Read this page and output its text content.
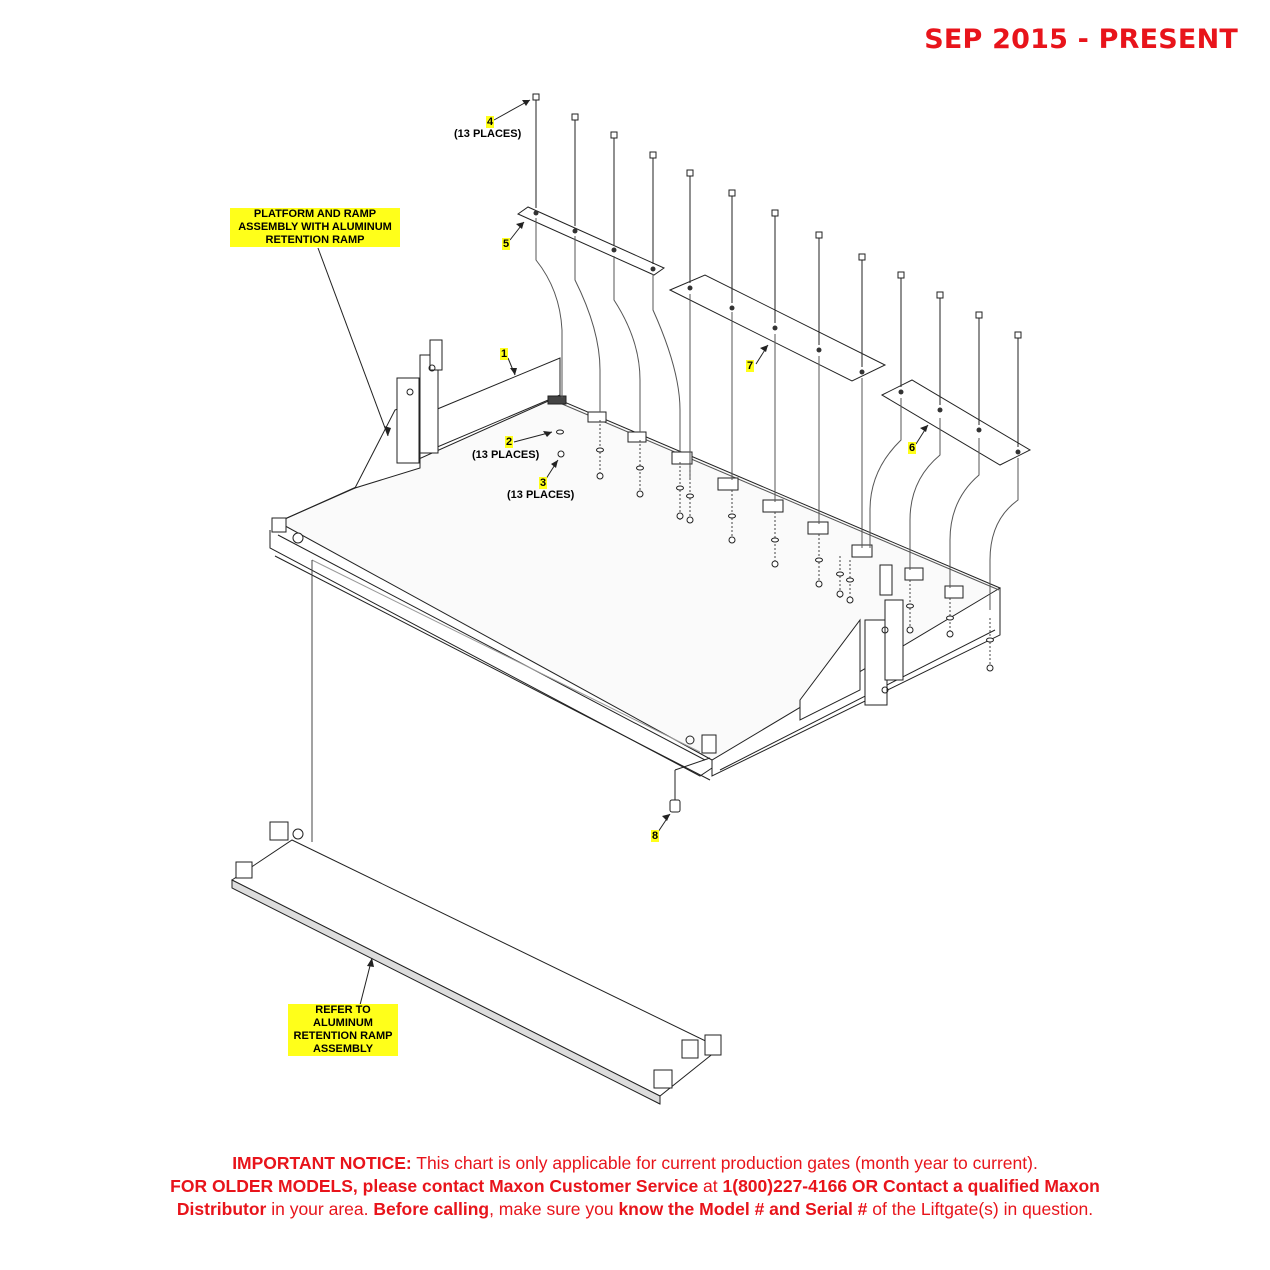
SEP 2015 - PRESENT
PLATFORM AND RAMP ASSEMBLY WITH ALUMINUM RETENTION RAMP
REFER TO ALUMINUM RETENTION RAMP ASSEMBLY
1
2
(13 PLACES)
3
(13 PLACES)
4
(13 PLACES)
5
6
7
8
IMPORTANT NOTICE: This chart is only applicable for current production gates (month year to current).
FOR OLDER MODELS, please contact Maxon Customer Service at 1(800)227-4166 OR Contact a qualified Maxon
Distributor in your area. Before calling, make sure you know the Model # and Serial # of the Liftgate(s) in question.
